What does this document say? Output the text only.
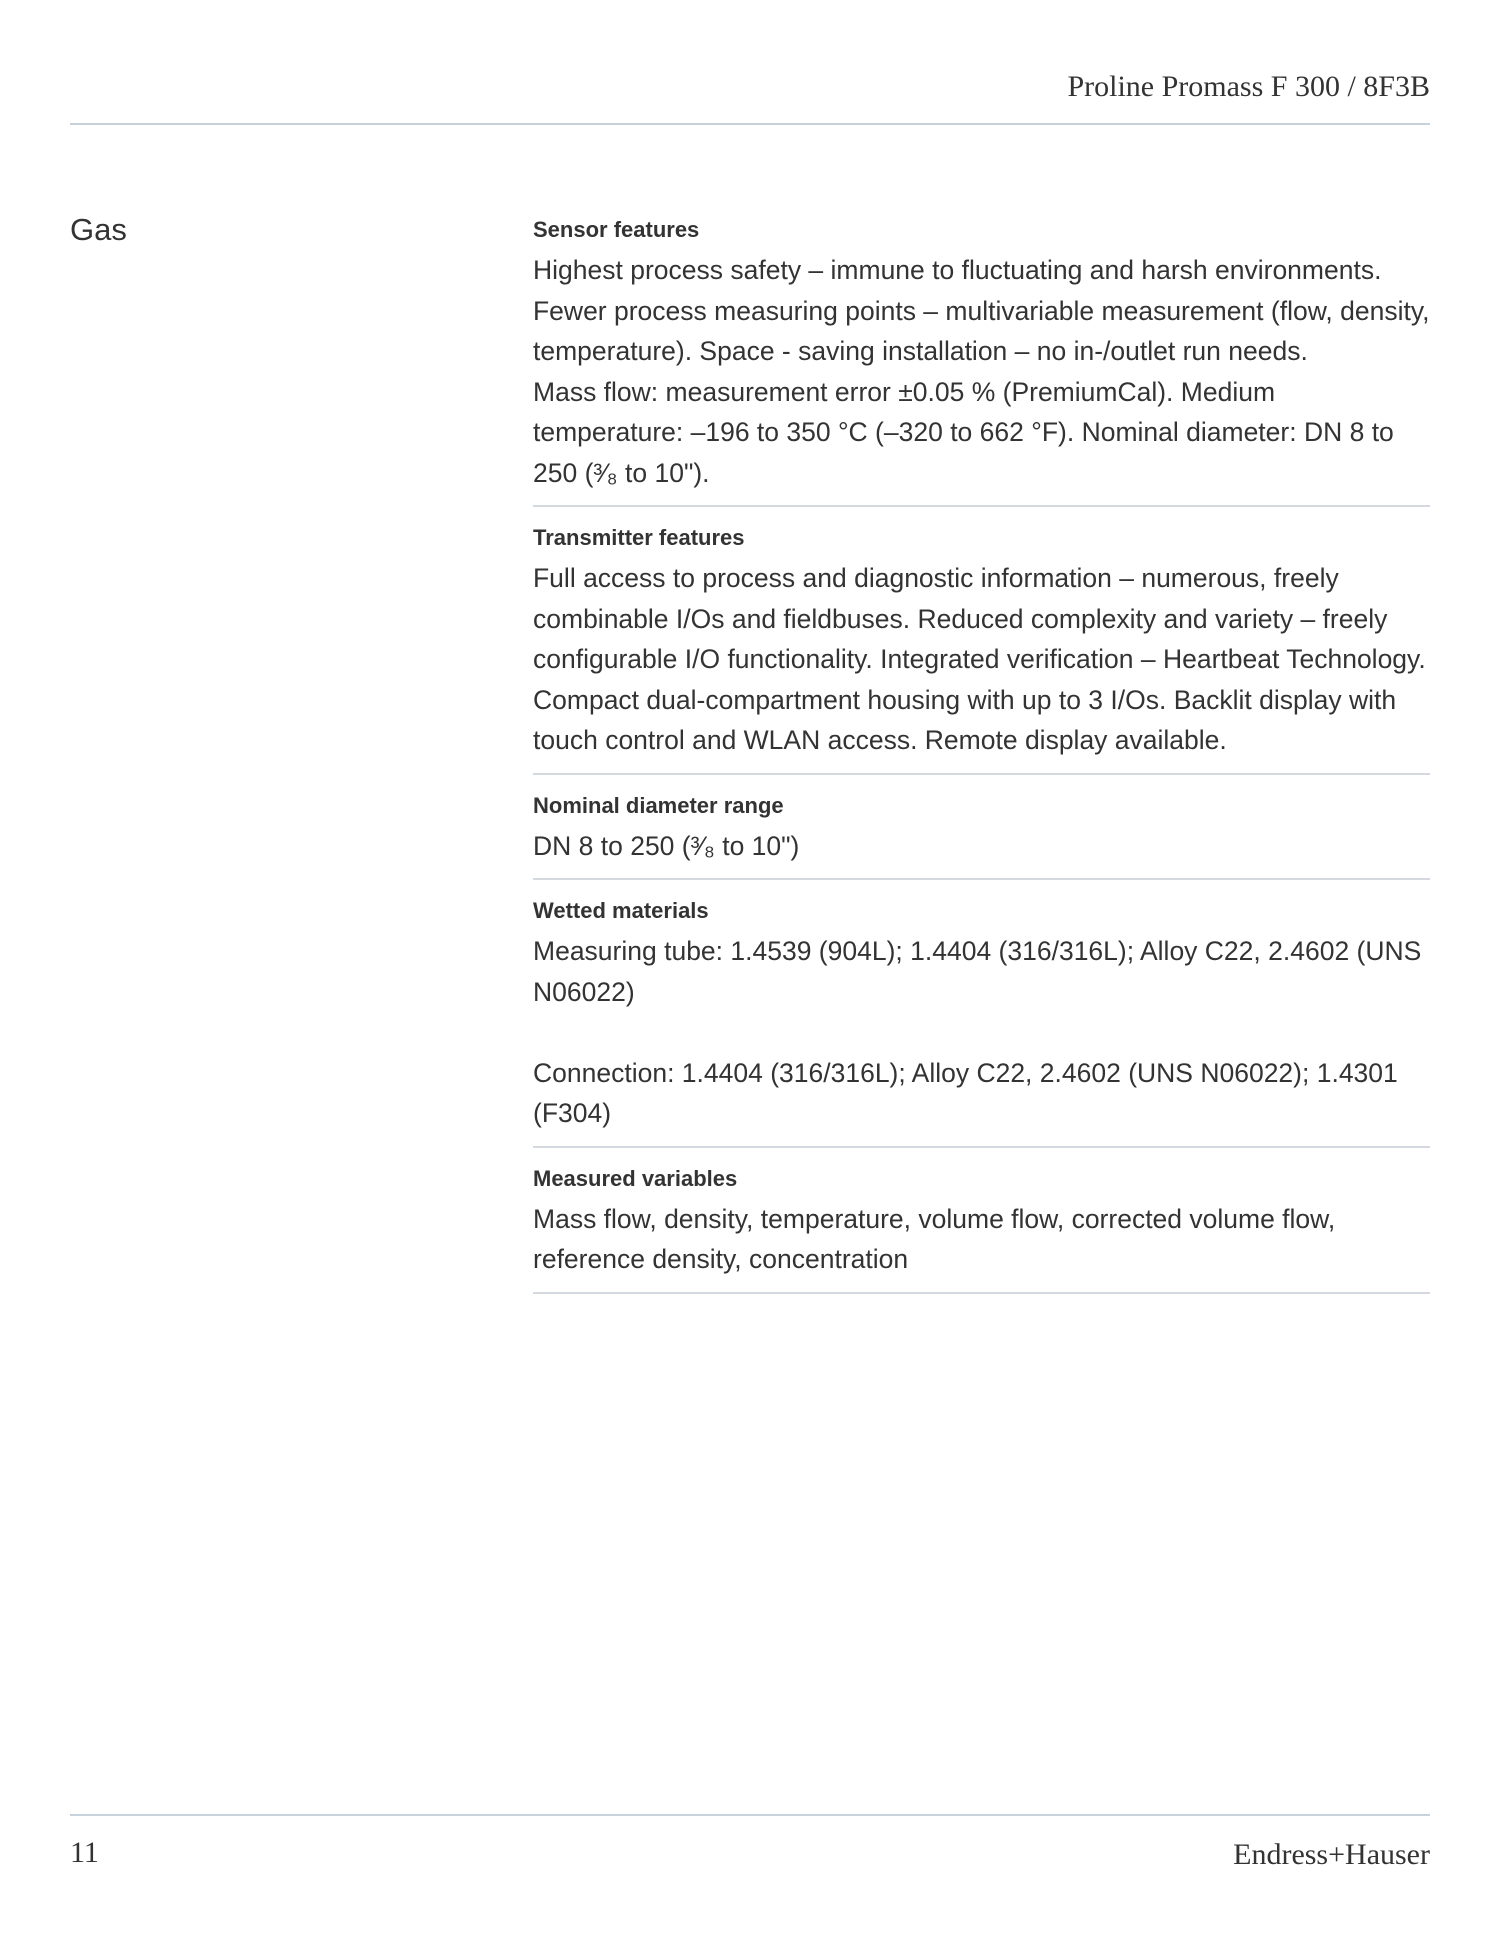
Proline Promass F 300 / 8F3B
Gas	Sensor features

Highest process safety – immune to fluctuating and harsh environments. Fewer process measuring points – multivariable measurement (flow, density, temperature). Space - saving installation – no in-/outlet run needs.

Mass flow: measurement error ±0.05 % (PremiumCal). Medium temperature: –196 to 350 °C (–320 to 662 °F). Nominal diameter: DN 8 to 250 (³⁄₈ to 10").

Transmitter features

Full access to process and diagnostic information – numerous, freely combinable I/Os and fieldbuses. Reduced complexity and variety – freely configurable I/O functionality. Integrated verification – Heartbeat Technology.

Compact dual-compartment housing with up to 3 I/Os. Backlit display with touch control and WLAN access. Remote display available.

Nominal diameter range

DN 8 to 250 (³⁄₈ to 10")

Wetted materials

Measuring tube: 1.4539 (904L); 1.4404 (316/316L); Alloy C22, 2.4602 (UNS N06022)

Connection: 1.4404 (316/316L); Alloy C22, 2.4602 (UNS N06022); 1.4301 (F304)

Measured variables

Mass flow, density, temperature, volume flow, corrected volume flow, reference density, concentration

11	Endress+Hauser
